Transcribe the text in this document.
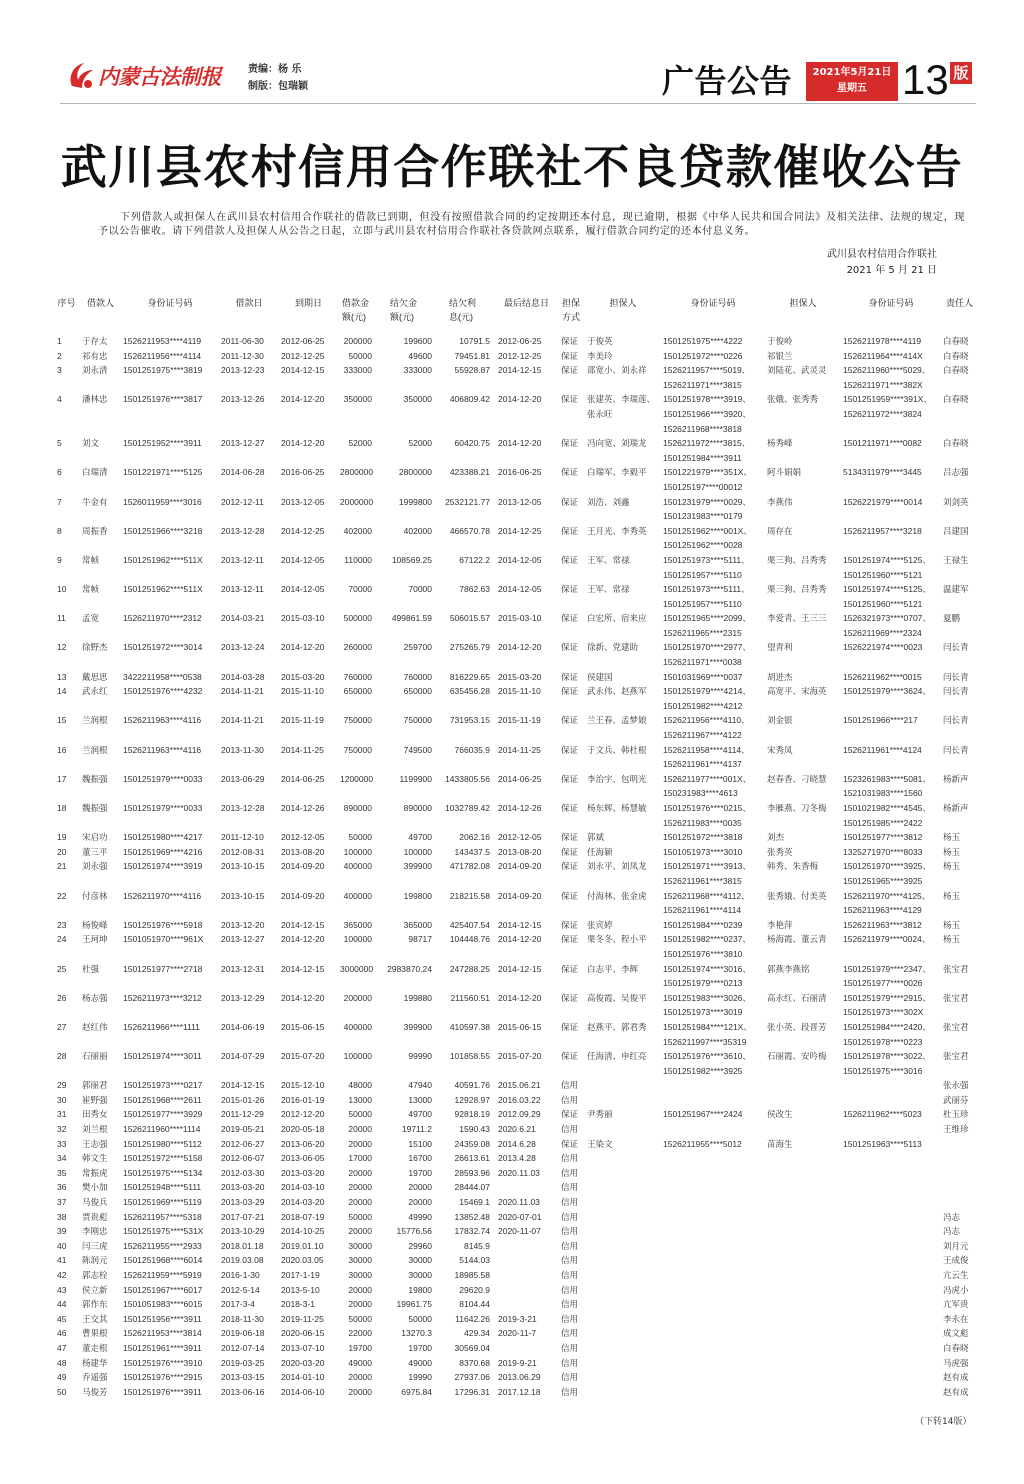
内蒙古法制报	责编：杨 乐
制版：包瑞颖	广告公告	2021年5月21日
星期五 13 版
武川县农村信用合作联社不良贷款催收公告
下列借款人或担保人在武川县农村信用合作联社的借款已到期，但没有按照借款合同的约定按期还本付息，现已逾期，根据《中华人民共和国合同法》及相关法律、法规的规定，现予以公告催收。请下列借款人及担保人从公告之日起，立即与武川县农村信用合作联社各贷款网点联系，履行借款合同约定的还本付息义务。
武川县农村信用合作联社
2021 年 5 月 21 日
序号	借款人	身份证号码	借款日	到期日	借款金额(元)	结欠金额(元)	结欠利息(元)	最后结息日	担保方式	担保人	身份证号码	担保人	身份证号码	责任人
1	于存太	1526211953****4119	2011-06-30	2012-06-25	200000	199600	10791.5	2012-06-25	保证	于俊英	1501251975****4222	于俊岭	1526211978****4119	白春晓
2	祁有忠	1526211956****4114	2011-12-30	2012-12-25	50000	49600	79451.81	2012-12-25	保证	李美玲	1501251972****0226	祁银兰	1526211964****414X	白春晓
3	刘永清	1501251975****3819	2013-12-23	2014-12-15	333000	333000	55928.87	2014-12-15	保证	邵宽小、刘永祥	1526211957****5019、
1526211971****3815	刘陆花、武灵灵	1526211960****5029、
1526211971****382X	白春晓
4	潘林忠	1501251976****3817	2013-12-26	2014-12-20	350000	350000	406809.42	2014-12-20	保证	张建英、李瑞莲、
张永旺	1501251978****3919、
1501251966****3920、
1526211968****3818	张娥、张秀秀	1501251959****391X、
1526211972****3824	白春晓
5	刘文	1501251952****3911	2013-12-27	2014-12-20	52000	52000	60420.75	2014-12-20	保证	冯向宽、刘瑞龙	1526211972****3815、
1501251984****3911	杨秀峰	1501211971****0082	白春晓
6	白瑞清	1501221971****5125	2014-06-28	2016-06-25	2800000	2800000	423388.21	2016-06-25	保证	白瑞军、李毅平	1501221979****351X、
150125197****00012	阿斗娟娟	5134311979****3445	吕志强
7	牛金有	1526011959****3016	2012-12-11	2013-12-05	2000000	1999800	2532121.77	2013-12-05	保证	刘浩、刘鑫	1501231979****0029、
1501231983****0179	李燕伟	1526221979****0014	刘剑英
8	周振香	1501251966****3218	2013-12-28	2014-12-25	402000	402000	466570.78	2014-12-25	保证	王月光、李秀英	1501251962****001X、
1501251962****0028	周存在	1526211957****3218	吕建国
9	常帧	1501251962****511X	2013-12-11	2014-12-05	110000	108569.25	67122.2	2014-12-05	保证	王军、常禄	1501251973****5111、
1501251957****5110	栗三狗、吕秀秀	1501251974****5125、
1501251960****5121	王禄生
10	常帧	1501251962****511X	2013-12-11	2014-12-05	70000	70000	7862.63	2014-12-05	保证	王军、常禄	1501251973****5111、
1501251957****5110	栗三狗、吕秀秀	1501251974****5125、
1501251960****5121	温建军
11	孟宽	1526211970****2312	2014-03-21	2015-03-10	500000	499861.59	506015.57	2015-03-10	保证	白宏所、宿来应	1501251965****2099、
1526211965****2315	李爱青、王三三	1526321973****0707、
1526211969****2324	夏鹏
12	徐野杰	1501251972****3014	2013-12-24	2014-12-20	260000	259700	275265.79	2014-12-20	保证	徐新、党建助	1501251970****2977、
1526211971****0038	望青利	1526221974****0023	闫长青
13	戴思思	3422211958****0538	2014-03-28	2015-03-20	760000	760000	816229.65	2015-03-20	保证	侯建国	1501031969****0037	胡进杰	1526211962****0015	闫长青
14	武永红	1501251976****4232	2014-11-21	2015-11-10	650000	650000	635456.28	2015-11-10	保证	武永伟、赵燕军	1501251979****4214、
1501251982****4212	高宽平、宋海英	1501251979****3624、	闫长青
15	兰润根	1526211963****4116	2014-11-21	2015-11-19	750000	750000	731953.15	2015-11-19	保证	兰王春、孟梦娘	1526211956****4110、
1526211967****4122	刘金银	1501251966****217	闫长青
16	兰润根	1526211963****4116	2013-11-30	2014-11-25	750000	749500	766035.9	2014-11-25	保证	于文兵、韩杜根	1526211958****4114、
1526211961****4137	宋秀凤	1526211961****4124	闫长青
17	魏振强	1501251979****0033	2013-06-29	2014-06-25	1200000	1199900	1433805.56	2014-06-25	保证	李治宇、包明光	1526211977****001X、
150231983****4613	赵春香、刁晓慧	1523261983****5081、
1521031983****1560	杨新声
18	魏振强	1501251979****0033	2013-12-28	2014-12-26	890000	890000	1032789.42	2014-12-26	保证	杨东辉、杨慧敏	1501251976****0215、
1526211983****0035	李雁燕、刀冬梅	1501021982****4545、
1501251985****2422	杨新声
19	宋启功	1501251980****4217	2011-12-10	2012-12-05	50000	49700	2062.16	2012-12-05	保证	郭斌	1501251972****3818	刘杰	1501251977****3812	杨玉
20	董三平	1501251969****4216	2012-08-31	2013-08-20	100000	100000	143437.5	2013-08-20	保证	任海颖	1501051973****3010	张秀英	1325271970****8033	杨玉
21	刘永强	1501251974****3919	2013-10-15	2014-09-20	400000	399900	471782.08	2014-09-20	保证	刘永平、刘凤龙	1501251971****3913、
1526211961****3815	韩秀、朱香梅	1501251970****3925、
1501251965****3925	杨玉
22	付彦林	1526211970****4116	2013-10-15	2014-09-20	400000	199800	218215.58	2014-09-20	保证	付海林、张金虎	1526211968****4112、
1526211961****4114	张秀娥、付美英	1526211970****4125、
1526211963****4129	杨玉
23	杨俊峰	1501251976****5918	2013-12-20	2014-12-15	365000	365000	425407.54	2014-12-15	保证	张宾婷	1501251984****0239	李艳萍	1526211963****3812	杨玉
24	王珂坤	1501051970****961X	2013-12-27	2014-12-20	100000	98717	104448.76	2014-12-20	保证	栗冬冬、程小平	1501251982****0237、
1501251976****3810	杨海霞、董云青	1526211979****0024、	杨玉
25	杜强	1501251977****2718	2013-12-31	2014-12-15	3000000	2983870.24	247288.25	2014-12-15	保证	白志平、李辉	1501251974****3016、
1501251979****0213	郭燕李燕铭	1501251979****2347、
1501251977****0026	张宝君
26	杨志强	1526211973****3212	2013-12-29	2014-12-20	200000	199880	211560.51	2014-12-20	保证	高俊霞、吴俊平	1501251983****3026、
1501251973****3019	高永红、石丽清	1501251979****2915、
1501251973****302X	张宝君
27	赵红伟	1526211966****1111	2014-06-19	2015-06-15	400000	399900	410597.38	2015-06-15	保证	赵燕平、郭君秀	1501251984****121X、
1526211997****35319	张小英、段晋芳	1501251984****2420、
1501251978****0223	张宝君
28	石丽丽	1501251974****3011	2014-07-29	2015-07-20	100000	99990	101858.55	2015-07-20	保证	任海清、申红亮	1501251976****3610、
1501251982****3925	石丽霞、安吟梅	1501251978****3022、
1501251975****3016	张宝君
29	郭丽君	1501251973****0217	2014-12-15	2015-12-10	48000	47940	40591.76	2015.06.21	信用					张永强
30	崔野强	1501251968****2611	2015-01-26	2016-01-19	13000	13000	12928.97	2016.03.22	信用					武丽芬
31	田秀女	1501251977****3929	2011-12-29	2012-12-20	50000	49700	92818.19	2012.09.29	保证	尹秀丽	1501251967****2424	侯改生	1526211962****5023	杜玉珍
32	刘兰根	1526211960****1114	2019-05-21	2020-05-18	20000	19711.2	1590.43	2020.6.21	信用					王维珍
33	王志强	1501251980****5112	2012-06-27	2013-06-20	20000	15100	24359.08	2014.6.28	保证	王染文	1526211955****5012	苗海生	1501251963****5113	
34	韩文生	1501251972****5158	2012-06-07	2013-06-05	17000	16700	26613.61	2013.4.28	信用					
35	常振虎	1501251975****5134	2012-03-30	2013-03-20	20000	19700	28593.96	2020.11.03	信用					
36	樊小加	1501251948****5111	2013-03-20	2014-03-10	20000	20000	28444.07		信用					
37	马俊兵	1501251969****5119	2013-03-29	2014-03-20	20000	20000	15469.1	2020.11.03	信用					
38	贾贵彪	1526211957****5318	2017-07-21	2018-07-19	50000	49990	13852.48	2020-07-01	信用					冯志
39	李刚忠	1501251975****531X	2013-10-29	2014-10-25	20000	15776.56	17832.74	2020-11-07	信用					冯志
40	闫三虎	1526211955****2933	2018.01.18	2019.01.10	30000	29960	8145.9		信用					刘月元
41	陈润元	1501251968****6014	2019.03.08	2020.03.05	30000	30000	5144.03		信用					王成俊
42	郭志栓	1526211959****5919	2016-1-30	2017-1-19	30000	30000	18985.58		信用					亢云生
43	侯立新	1501251967****6017	2012-5-14	2013-5-10	20000	19800	29620.9		信用					冯虎小
44	郭作东	1501051983****6015	2017-3-4	2018-3-1	20000	19961.75	8104.44		信用					亢军贵
45	王交其	1501251956****3911	2018-11-30	2019-11-25	50000	50000	11642.26	2019-3-21	信用					李永在
46	曹果根	1526211953****3814	2019-06-18	2020-06-15	22000	13270.3	429.34	2020-11-7	信用					成文彪
47	董走根	1501251961****3911	2012-07-14	2013-07-10	19700	19700	30569.04		信用					白春晓
48	杨建华	1501251976****3910	2019-03-25	2020-03-20	49000	49000	8370.68	2019-9-21	信用					马虎强
49	乔遥强	1501251976****2915	2013-03-15	2014-01-10	20000	19990	27937.06	2013.06.29	信用					赵有成
50	马俊芳	1501251976****3911	2013-06-16	2014-06-10	20000	6975.84	17296.31	2017.12.18	信用					赵有成
（下转14版）
